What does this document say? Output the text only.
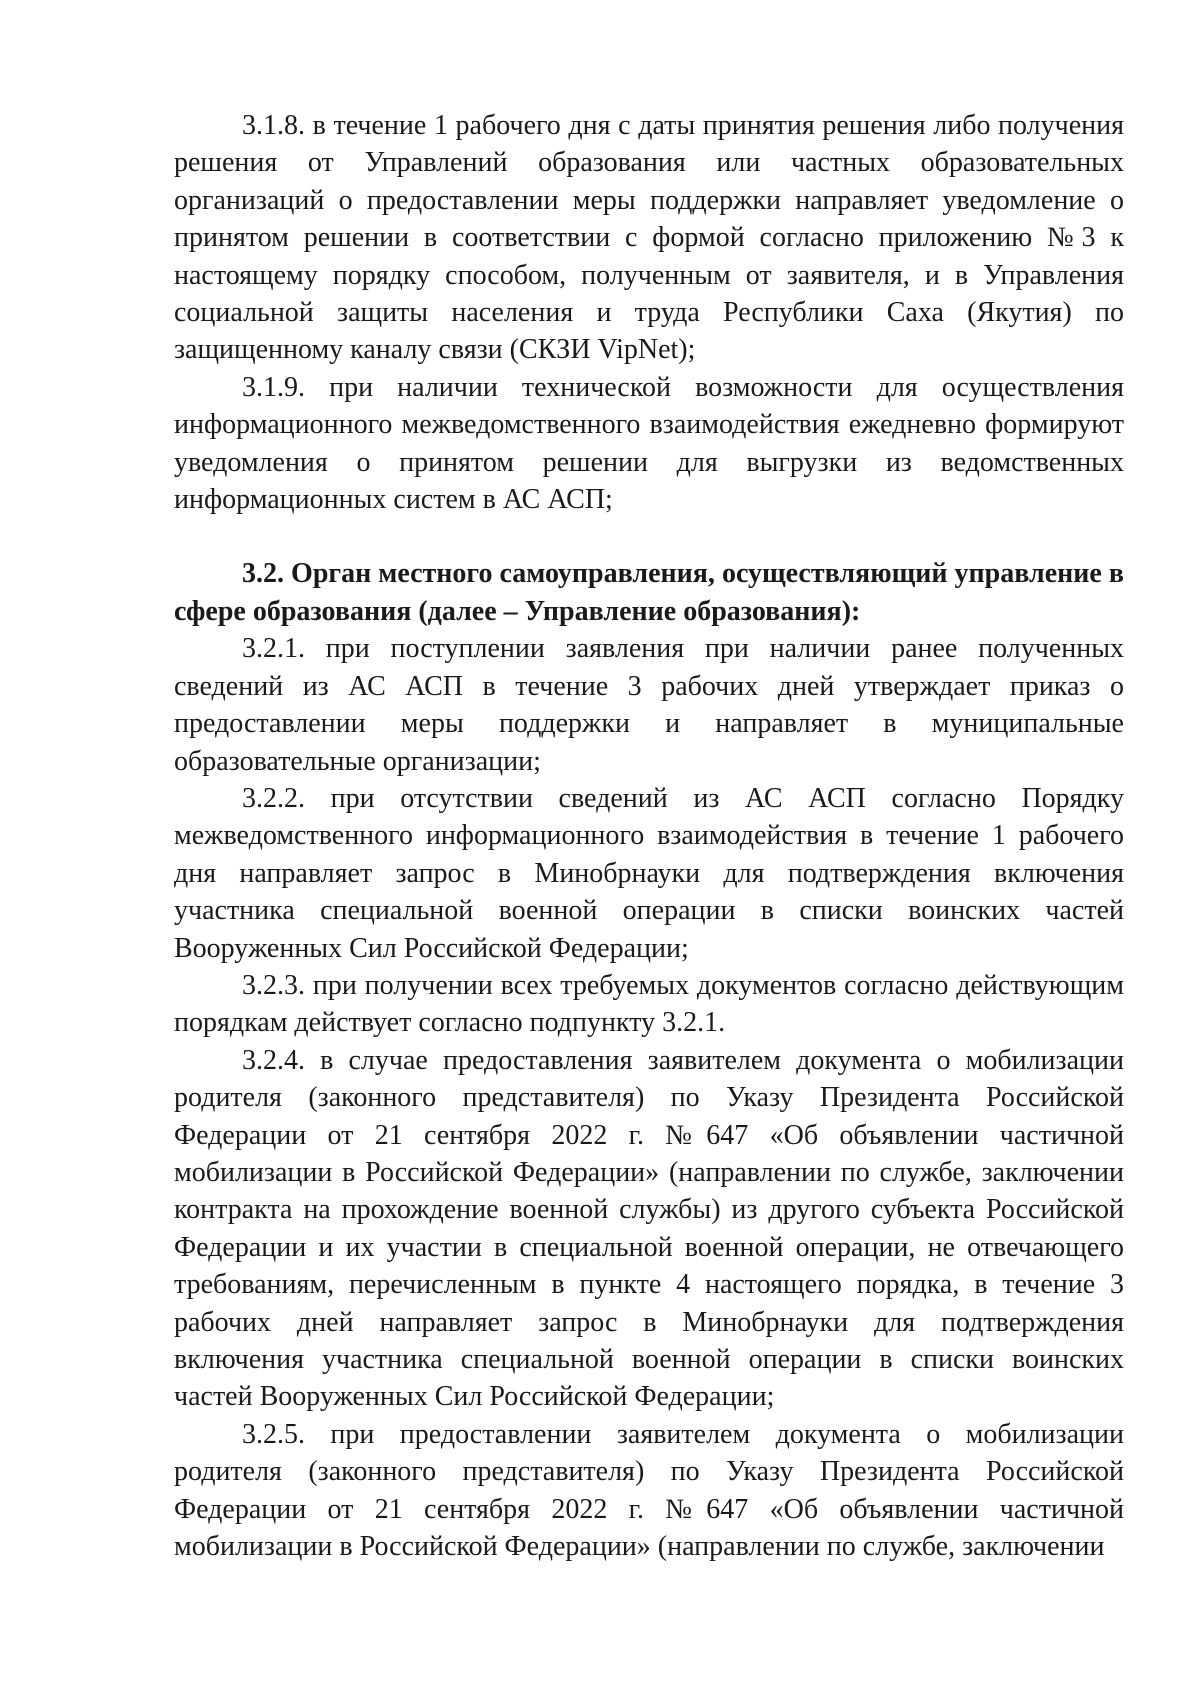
3.1.8. в течение 1 рабочего дня с даты принятия решения либо получения решения от Управлений образования или частных образовательных организаций о предоставлении меры поддержки направляет уведомление о принятом решении в соответствии с формой согласно приложению №3 к настоящему порядку способом, полученным от заявителя, и в Управления социальной защиты населения и труда Республики Саха (Якутия) по защищенному каналу связи (СКЗИ VipNet);

3.1.9. при наличии технической возможности для осуществления информационного межведомственного взаимодействия ежедневно формируют уведомления о принятом решении для выгрузки из ведомственных информационных систем в АС АСП;

3.2. Орган местного самоуправления, осуществляющий управление в сфере образования (далее – Управление образования):

3.2.1. при поступлении заявления при наличии ранее полученных сведений из АС АСП в течение 3 рабочих дней утверждает приказ о предоставлении меры поддержки и направляет в муниципальные образовательные организации;

3.2.2. при отсутствии сведений из АС АСП согласно Порядку межведомственного информационного взаимодействия в течение 1 рабочего дня направляет запрос в Минобрнауки для подтверждения включения участника специальной военной операции в списки воинских частей Вооруженных Сил Российской Федерации;

3.2.3. при получении всех требуемых документов согласно действующим порядкам действует согласно подпункту 3.2.1.

3.2.4. в случае предоставления заявителем документа о мобилизации родителя (законного представителя) по Указу Президента Российской Федерации от 21 сентября 2022 г. №647 «Об объявлении частичной мобилизации в Российской Федерации» (направлении по службе, заключении контракта на прохождение военной службы) из другого субъекта Российской Федерации и их участии в специальной военной операции, не отвечающего требованиям, перечисленным в пункте 4 настоящего порядка, в течение 3 рабочих дней направляет запрос в Минобрнауки для подтверждения включения участника специальной военной операции в списки воинских частей Вооруженных Сил Российской Федерации;

3.2.5. при предоставлении заявителем документа о мобилизации родителя (законного представителя) по Указу Президента Российской Федерации от 21 сентября 2022 г. №647 «Об объявлении частичной мобилизации в Российской Федерации» (направлении по службе, заключении
